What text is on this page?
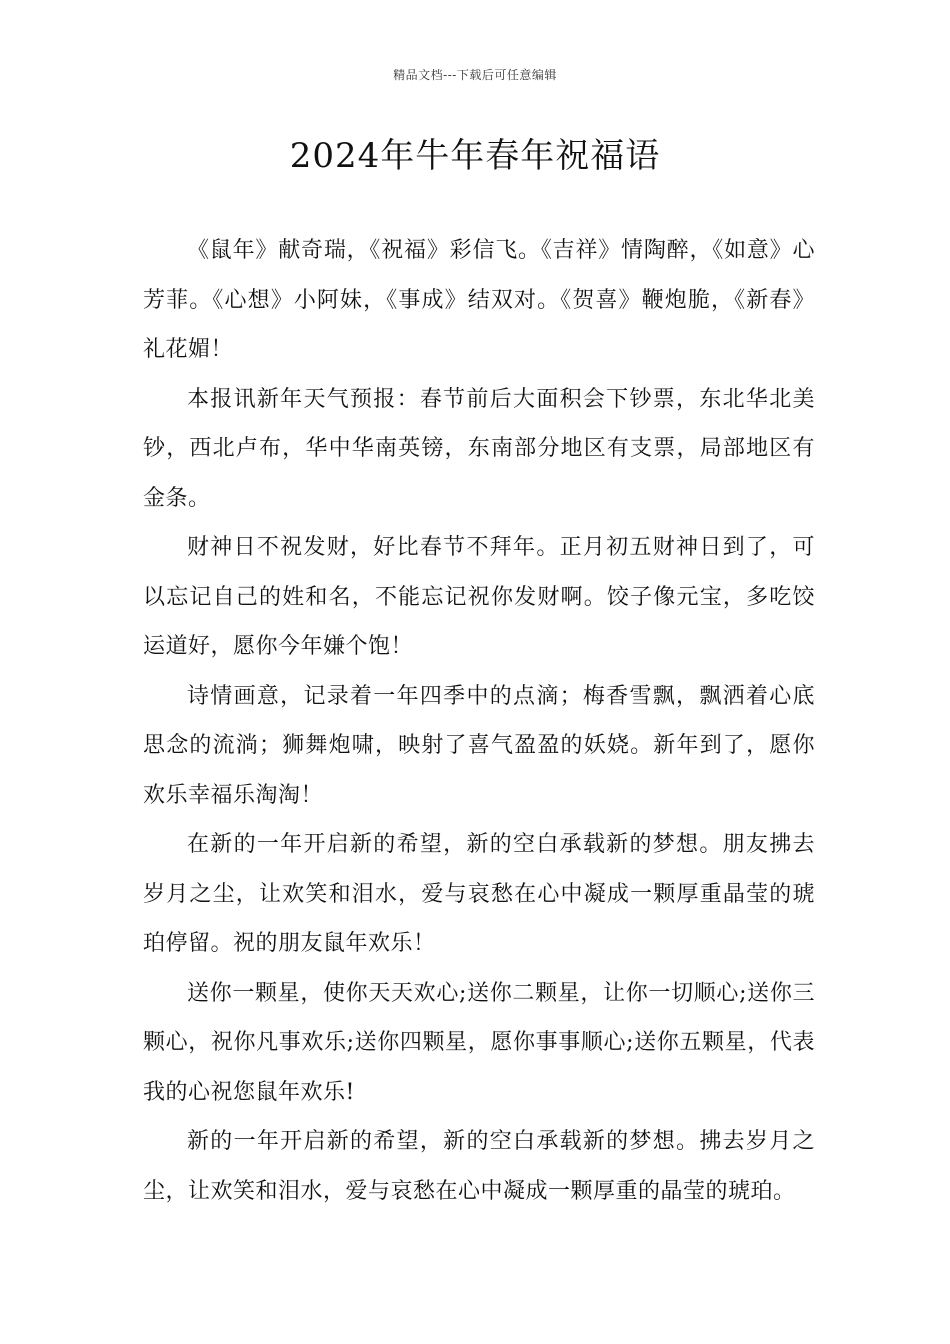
精品文档---下载后可任意编辑
2024年牛年春年祝福语

《鼠年》献奇瑞，《祝福》彩信飞。《吉祥》情陶醉，《如意》心芳菲。《心想》小阿妹，《事成》结双对。《贺喜》鞭炮脆，《新春》礼花媚！

本报讯新年天气预报：春节前后大面积会下钞票，东北华北美钞，西北卢布，华中华南英镑，东南部分地区有支票，局部地区有金条。

财神日不祝发财，好比春节不拜年。正月初五财神日到了，可以忘记自己的姓和名，不能忘记祝你发财啊。饺子像元宝，多吃饺运道好，愿你今年嫌个饱！

诗情画意，记录着一年四季中的点滴；梅香雪飘，飘洒着心底思念的流淌；狮舞炮啸，映射了喜气盈盈的妖娆。新年到了，愿你欢乐幸福乐淘淘！

在新的一年开启新的希望，新的空白承载新的梦想。朋友拂去岁月之尘，让欢笑和泪水，爱与哀愁在心中凝成一颗厚重晶莹的琥珀停留。祝的朋友鼠年欢乐！

送你一颗星，使你天天欢心;送你二颗星，让你一切顺心;送你三颗心，祝你凡事欢乐;送你四颗星，愿你事事顺心;送你五颗星，代表我的心祝您鼠年欢乐!

新的一年开启新的希望，新的空白承载新的梦想。拂去岁月之尘，让欢笑和泪水，爱与哀愁在心中凝成一颗厚重的晶莹的琥珀。
